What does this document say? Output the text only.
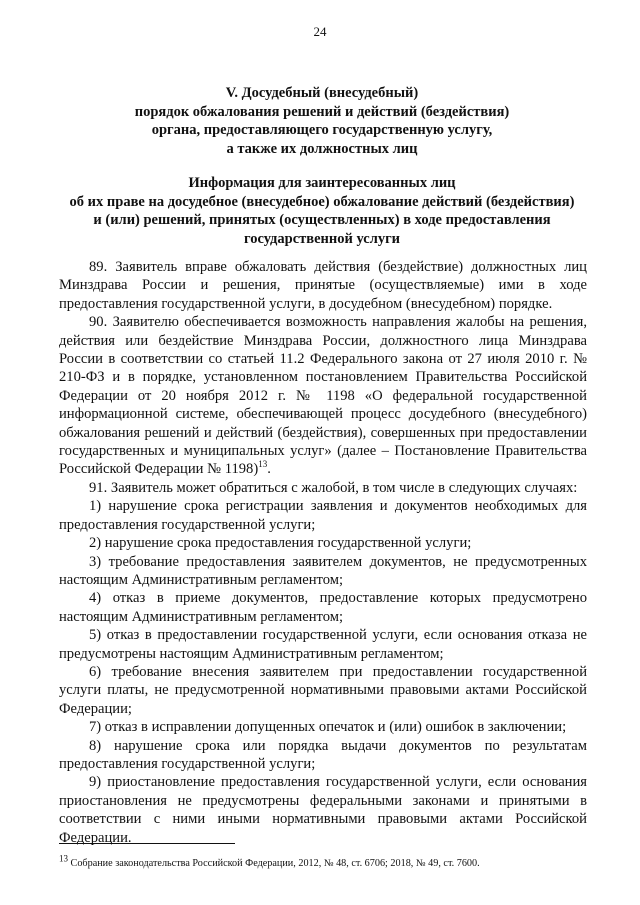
24
V. Досудебный (внесудебный)
порядок обжалования решений и действий (бездействия)
органа, предоставляющего государственную услугу,
а также их должностных лиц
Информация для заинтересованных лиц
об их праве на досудебное (внесудебное) обжалование действий (бездействия)
и (или) решений, принятых (осуществленных) в ходе предоставления
государственной услуги

89. Заявитель вправе обжаловать действия (бездействие) должностных лиц Минздрава России и решения, принятые (осуществляемые) ими в ходе предоставления государственной услуги, в досудебном (внесудебном) порядке.

90. Заявителю обеспечивается возможность направления жалобы на решения, действия или бездействие Минздрава России, должностного лица Минздрава России в соответствии со статьей 11.2 Федерального закона от 27 июля 2010 г. № 210-ФЗ и в порядке, установленном постановлением Правительства Российской Федерации от 20 ноября 2012 г. № 1198 «О федеральной государственной информационной системе, обеспечивающей процесс досудебного (внесудебного) обжалования решений и действий (бездействия), совершенных при предоставлении государственных и муниципальных услуг» (далее – Постановление Правительства Российской Федерации № 1198)$^{13}$.

91. Заявитель может обратиться с жалобой, в том числе в следующих случаях:

1) нарушение срока регистрации заявления и документов необходимых для предоставления государственной услуги;

2) нарушение срока предоставления государственной услуги;

3) требование предоставления заявителем документов, не предусмотренных настоящим Административным регламентом;

4) отказ в приеме документов, предоставление которых предусмотрено настоящим Административным регламентом;

5) отказ в предоставлении государственной услуги, если основания отказа не предусмотрены настоящим Административным регламентом;

6) требование внесения заявителем при предоставлении государственной услуги платы, не предусмотренной нормативными правовыми актами Российской Федерации;

7) отказ в исправлении допущенных опечаток и (или) ошибок в заключении;

8) нарушение срока или порядка выдачи документов по результатам предоставления государственной услуги;

9) приостановление предоставления государственной услуги, если основания приостановления не предусмотрены федеральными законами и принятыми в соответствии с ними иными нормативными правовыми актами Российской Федерации.

$^{13}$ Собрание законодательства Российской Федерации, 2012, № 48, ст. 6706; 2018, № 49, ст. 7600.
